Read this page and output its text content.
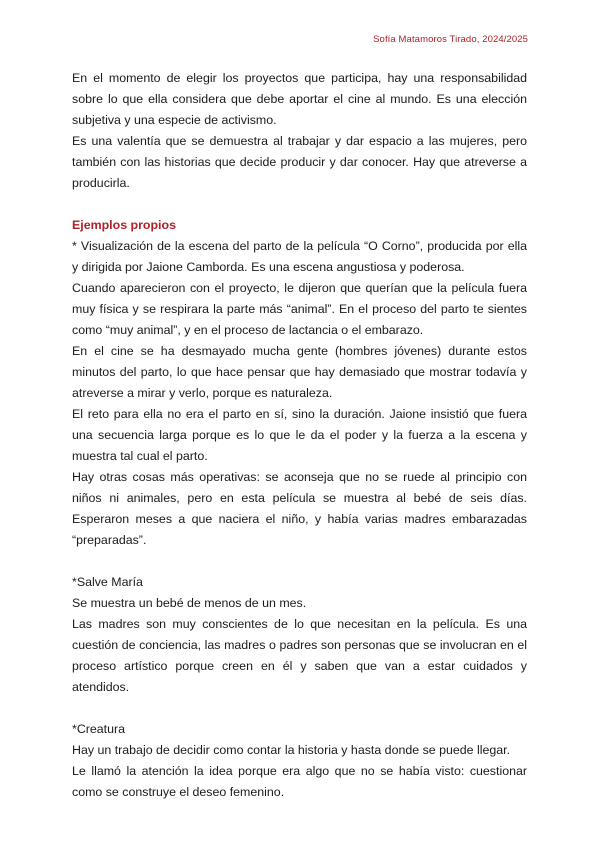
Sofía Matamoros Tirado, 2024/2025

En el momento de elegir los proyectos que participa, hay una responsabilidad sobre lo que ella considera que debe aportar el cine al mundo. Es una elección subjetiva y una especie de activismo.

Es una valentía que se demuestra al trabajar y dar espacio a las mujeres, pero también con las historias que decide producir y dar conocer. Hay que atreverse a producirla.

Ejemplos propios

* Visualización de la escena del parto de la película “O Corno”, producida por ella y dirigida por Jaione Camborda. Es una escena angustiosa y poderosa.

Cuando aparecieron con el proyecto, le dijeron que querían que la película fuera muy física y se respirara la parte más “animal”. En el proceso del parto te sientes como “muy animal”, y en el proceso de lactancia o el embarazo.

En el cine se ha desmayado mucha gente (hombres jóvenes) durante estos minutos del parto, lo que hace pensar que hay demasiado que mostrar todavía y atreverse a mirar y verlo, porque es naturaleza.

El reto para ella no era el parto en sí, sino la duración. Jaione insistió que fuera una secuencia larga porque es lo que le da el poder y la fuerza a la escena y muestra tal cual el parto.

Hay otras cosas más operativas: se aconseja que no se ruede al principio con niños ni animales, pero en esta película se muestra al bebé de seis días. Esperaron meses a que naciera el niño, y había varias madres embarazadas “preparadas”.

*Salve María

Se muestra un bebé de menos de un mes.

Las madres son muy conscientes de lo que necesitan en la película. Es una cuestión de conciencia, las madres o padres son personas que se involucran en el proceso artístico porque creen en él y saben que van a estar cuidados y atendidos.

*Creatura

Hay un trabajo de decidir como contar la historia y hasta donde se puede llegar.

Le llamó la atención la idea porque era algo que no se había visto: cuestionar como se construye el deseo femenino.
